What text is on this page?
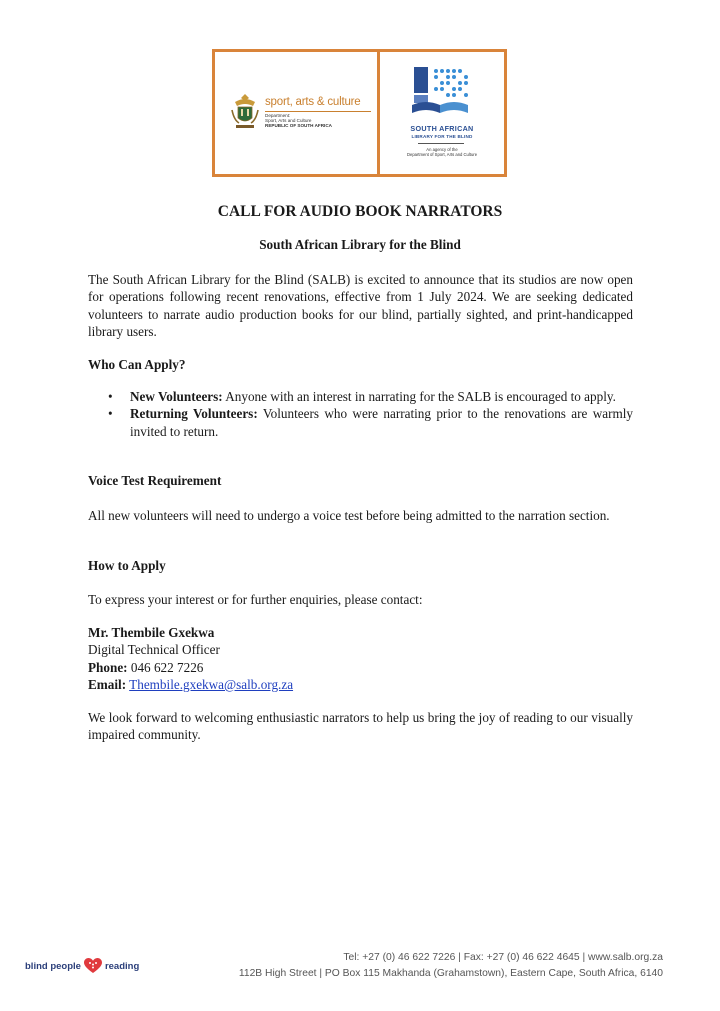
sport, arts & culture
Department:
Sport, Arts and Culture
REPUBLIC OF SOUTH AFRICA	SOUTH AFRICAN
LIBRARY FOR THE BLIND
An agency of the
Department of Sport, Arts and Culture
CALL FOR AUDIO BOOK NARRATORS
South African Library for the Blind
The South African Library for the Blind (SALB) is excited to announce that its studios are now open for operations following recent renovations, effective from 1 July 2024. We are seeking dedicated volunteers to narrate audio production books for our blind, partially sighted, and print-handicapped library users.
Who Can Apply?
• New Volunteers: Anyone with an interest in narrating for the SALB is encouraged to apply.
• Returning Volunteers: Volunteers who were narrating prior to the renovations are warmly invited to return.
Voice Test Requirement
All new volunteers will need to undergo a voice test before being admitted to the narration section.
How to Apply
To express your interest or for further enquiries, please contact:
Mr. Thembile Gxekwa
Digital Technical Officer
Phone: 046 622 7226
Email: Thembile.gxekwa@salb.org.za
We look forward to welcoming enthusiastic narrators to help us bring the joy of reading to our visually impaired community.
blind people	reading
Tel: +27 (0) 46 622 7226 | Fax: +27 (0) 46 622 4645 | www.salb.org.za
112B High Street | PO Box 115 Makhanda (Grahamstown), Eastern Cape, South Africa, 6140
